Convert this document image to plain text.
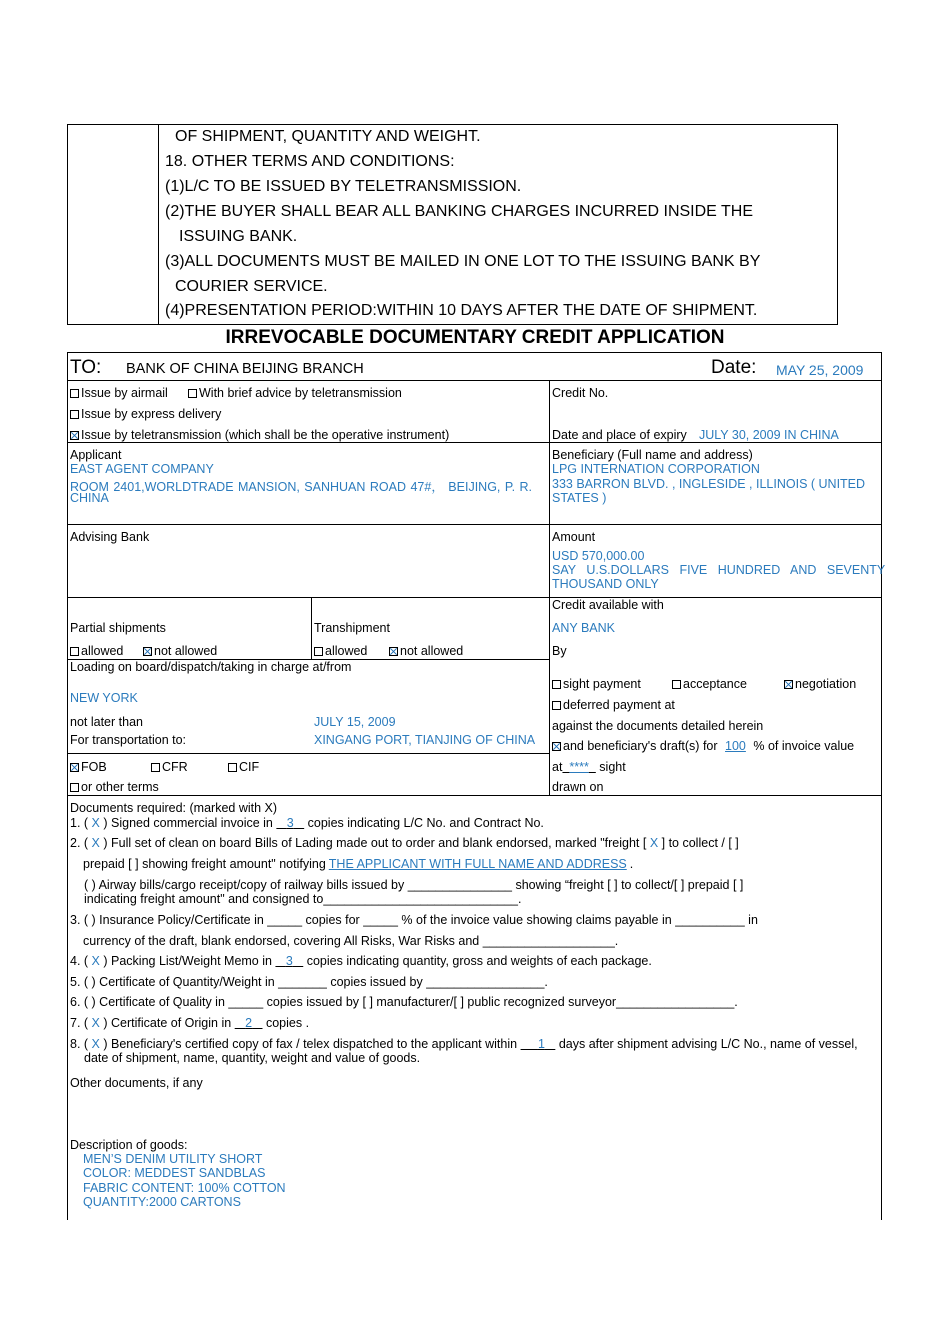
OF SHIPMENT, QUANTITY AND WEIGHT.
18. OTHER TERMS AND CONDITIONS:
(1)L/C TO BE ISSUED BY TELETRANSMISSION.
(2)THE BUYER SHALL BEAR ALL BANKING CHARGES INCURRED INSIDE THE
ISSUING BANK.
(3)ALL DOCUMENTS MUST BE MAILED IN ONE LOT TO THE ISSUING BANK BY
COURIER SERVICE.
(4)PRESENTATION PERIOD:WITHIN 10 DAYS AFTER THE DATE OF SHIPMENT.
IRREVOCABLE DOCUMENTARY CREDIT APPLICATION
TO: BANK OF CHINA BEIJING BRANCH	Date: MAY 25, 2009
Issue by airmail	With brief advice by teletransmission
Issue by express delivery
Issue by teletransmission (which shall be the operative instrument)
Credit No.
Date and place of expiry JULY 30, 2009 IN CHINA
Applicant
EAST AGENT COMPANY
ROOM 2401,WORLDTRADE MANSION, SANHUAN ROAD 47#， BEIJING, P. R.
CHINA
Beneficiary (Full name and address)
LPG INTERNATION CORPORATION
333 BARRON BLVD. , INGLESIDE , ILLINOIS ( UNITED
STATES )
Advising Bank	Amount
USD 570,000.00
SAY U.S.DOLLARS FIVE HUNDRED AND SEVENTY
THOUSAND ONLY
Partial shipments	Transhipment
allowed	not allowed	allowed	not allowed
Credit available with
ANY BANK
By
Loading on board/dispatch/taking in charge at/from
NEW YORK
not later than	JULY 15, 2009
For transportation to:	XINGANG PORT, TIANJING OF CHINA
sight payment	acceptance	negotiation
deferred payment at
against the documents detailed herein
and beneficiary's draft(s) for 100 % of invoice value
at **** sight
drawn on
FOB	CFR	CIF
or other terms
Documents required: (marked with X)
1. ( X ) Signed commercial invoice in 3 copies indicating L/C No. and Contract No.
2. ( X ) Full set of clean on board Bills of Lading made out to order and blank endorsed, marked "freight [ X ] to collect / [ ]
prepaid [ ] showing freight amount" notifying THE APPLICANT WITH FULL NAME AND ADDRESS .
( ) Airway bills/cargo receipt/copy of railway bills issued by _______________ showing “freight [ ] to collect/[ ] prepaid [ ]
indicating freight amount" and consigned to____________________________.
3. ( ) Insurance Policy/Certificate in _____ copies for _____ % of the invoice value showing claims payable in __________ in
currency of the draft, blank endorsed, covering All Risks, War Risks and ___________________.
4. ( X ) Packing List/Weight Memo in 3 copies indicating quantity, gross and weights of each package.
5. ( ) Certificate of Quantity/Weight in _______ copies issued by _________________.
6. ( ) Certificate of Quality in _____ copies issued by [ ] manufacturer/[ ] public recognized surveyor_________________.
7. ( X ) Certificate of Origin in 2 copies .
8. ( X ) Beneficiary's certified copy of fax / telex dispatched to the applicant within 1 days after shipment advising L/C No., name of vessel,
date of shipment, name, quantity, weight and value of goods.
Other documents, if any
Description of goods:
MEN’S DENIM UTILITY SHORT
COLOR: MEDDEST SANDBLAS
FABRIC CONTENT: 100% COTTON
QUANTITY:2000 CARTONS
